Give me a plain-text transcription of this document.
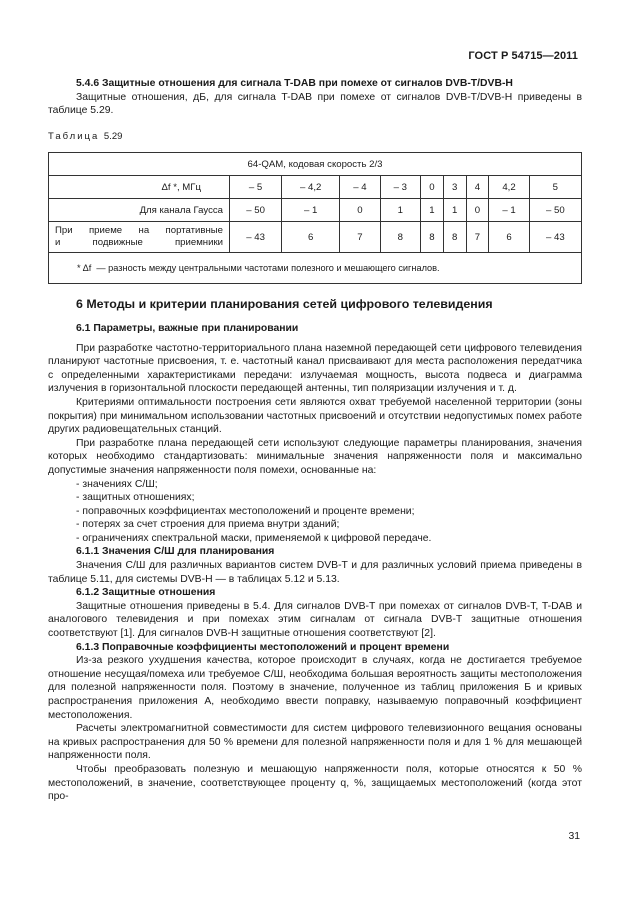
ГОСТ Р 54715—2011

5.4.6 Защитные отношения для сигнала T-DAB при помехе от сигналов DVB-T/DVB-H

Защитные отношения, дБ, для сигнала T-DAB при помехе от сигналов DVB-T/DVB-H приведены в таблице 5.29.

Таблица 5.29

64-QAM, кодовая скорость 2/3									
Δf *, МГц	– 5	– 4,2	– 4	– 3	0	3	4	4,2	5
Для канала Гаусса	– 50	– 1	0	1	1	1	0	– 1	– 50
При приеме на портативные
и подвижные приемники	– 43	6	7	8	8	8	7	6	– 43
* Δf — разность между центральными частотами полезного и мешающего сигналов.									

6 Методы и критерии планирования сетей цифрового телевидения

6.1 Параметры, важные при планировании

При разработке частотно-территориального плана наземной передающей сети цифрового телевидения планируют частотные присвоения, т. е. частотный канал присваивают для места расположения передатчика с определенными характеристиками передачи: излучаемая мощность, высота подвеса и диаграмма излучения в горизонтальной плоскости передающей антенны, тип поляризации излучения и т. д.

Критериями оптимальности построения сети являются охват требуемой населенной территории (зоны покрытия) при минимальном использовании частотных присвоений и отсутствии недопустимых помех работе других радиовещательных станций.

При разработке плана передающей сети используют следующие параметры планирования, значения которых необходимо стандартизовать: минимальные значения напряженности поля и максимально допустимые значения напряженности поля помехи, основанные на:

- значениях С/Ш;

- защитных отношениях;

- поправочных коэффициентах местоположений и проценте времени;

- потерях за счет строения для приема внутри зданий;

- ограничениях спектральной маски, применяемой к цифровой передаче.

6.1.1 Значения С/Ш для планирования

Значения С/Ш для различных вариантов систем DVB-T и для различных условий приема приведены в таблице 5.11, для системы DVB-H — в таблицах 5.12 и 5.13.

6.1.2 Защитные отношения

Защитные отношения приведены в 5.4. Для сигналов DVB-T при помехах от сигналов DVB-T, T-DAB и аналогового телевидения и при помехах этим сигналам от сигнала DVB-T защитные отношения соответствуют [1]. Для сигналов DVB-H защитные отношения соответствуют [2].

6.1.3 Поправочные коэффициенты местоположений и процент времени

Из-за резкого ухудшения качества, которое происходит в случаях, когда не достигается требуемое отношение несущая/помеха или требуемое С/Ш, необходима большая вероятность защиты местоположения для полезной напряженности поля. Поэтому в значение, полученное из таблиц приложения Б и кривых распространения приложения А, необходимо ввести поправку, называемую поправочный коэффициент местоположения.

Расчеты электромагнитной совместимости для систем цифрового телевизионного вещания основаны на кривых распространения для 50 % времени для полезной напряженности поля и для 1 % для мешающей напряженности поля.

Чтобы преобразовать полезную и мешающую напряженности поля, которые относятся к 50 % местоположений, в значение, соответствующее проценту q, %, защищаемых местоположений (когда этот про-

31
